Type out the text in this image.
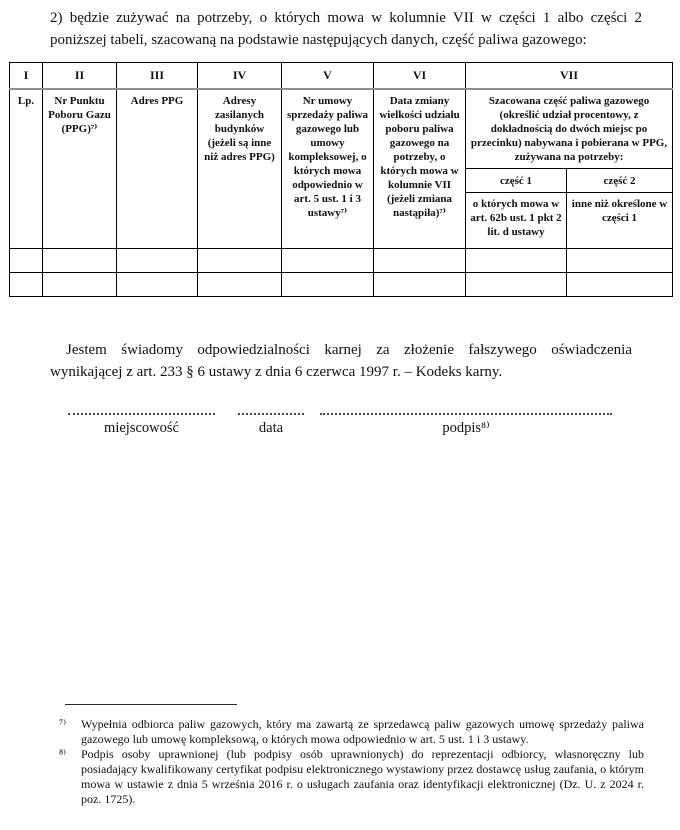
2) będzie zużywać na potrzeby, o których mowa w kolumnie VII w części 1 albo części 2 poniższej tabeli, szacowaną na podstawie następujących danych, część paliwa gazowego:

I	II	III	IV	V	VI	VII	
Lp.	Nr Punktu Poboru Gazu (PPG)⁷⁾	Adres PPG	Adresy zasilanych budynków (jeżeli są inne niż adres PPG)	Nr umowy sprzedaży paliwa gazowego lub umowy kompleksowej, o których mowa odpowiednio w art. 5 ust. 1 i 3 ustawy⁷⁾	Data zmiany wielkości udziału poboru paliwa gazowego na potrzeby, o których mowa w kolumnie VII (jeżeli zmiana nastąpiła)⁷⁾	Szacowana część paliwa gazowego (określić udział procentowy, z dokładnością do dwóch miejsc po przecinku) nabywana i pobierana w PPG, zużywana na potrzeby:	
						część 1	część 2
						o których mowa w art. 62b ust. 1 pkt 2 lit. d ustawy	inne niż określone w części 1

Jestem świadomy odpowiedzialności karnej za złożenie fałszywego oświadczenia wynikającej z art. 233 § 6 ustawy z dnia 6 czerwca 1997 r. – Kodeks karny.

miejscowość	data	podpis⁸⁾
⁷⁾	Wypełnia odbiorca paliw gazowych, który ma zawartą ze sprzedawcą paliw gazowych umowę sprzedaży paliwa gazowego lub umowę kompleksową, o których mowa odpowiednio w art. 5 ust. 1 i 3 ustawy.
⁸⁾	Podpis osoby uprawnionej (lub podpisy osób uprawnionych) do reprezentacji odbiorcy, własnoręczny lub posiadający kwalifikowany certyfikat podpisu elektronicznego wystawiony przez dostawcę usług zaufania, o którym mowa w ustawie z dnia 5 września 2016 r. o usługach zaufania oraz identyfikacji elektronicznej (Dz. U. z 2024 r. poz. 1725).
